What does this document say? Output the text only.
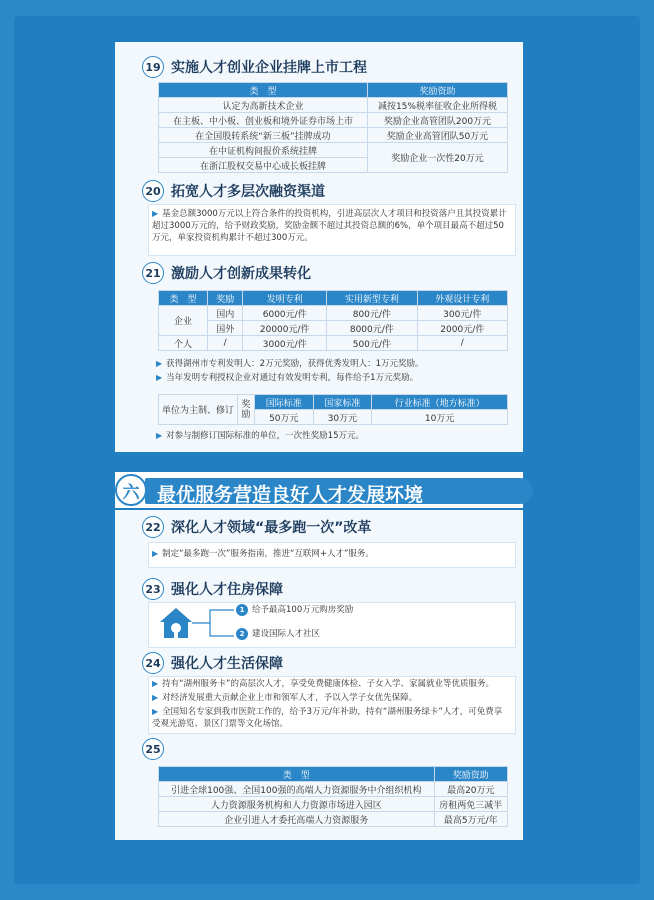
19 实施人才创业企业挂牌上市工程
类　型	奖励资助
认定为高新技术企业	减按15%税率征收企业所得税
在主板、中小板、创业板和境外证券市场上市	奖励企业高管团队200万元
在全国股转系统“新三板”挂牌成功	奖励企业高管团队50万元
在中证机构间报价系统挂牌	奖励企业一次性20万元
在浙江股权交易中心成长板挂牌	
20 拓宽人才多层次融资渠道
▶ 基金总额3000万元以上符合条件的投资机构，引进高层次人才项目和投资落户且其投资累计超过3000万元的，给予财政奖励，奖励金额不超过其投资总额的6%，单个项目最高不超过50万元，单家投资机构累计不超过300万元。
21 激励人才创新成果转化
类　型	奖励	发明专利	实用新型专利	外观设计专利
企业	国内	6000元/件	800元/件	300元/件
	国外	20000元/件	8000元/件	2000元/件
个人	/	3000元/件	500元/件	/
▶ 获得湖州市专利发明人：2万元奖励，获得优秀发明人：1万元奖励。
▶ 当年发明专利授权企业对通过有效发明专利，每件给予1万元奖励。
单位为主制、修订	奖励	国际标准	国家标准	行业标准（地方标准）
		50万元	30万元	10万元
▶ 对参与制修订国际标准的单位，一次性奖励15万元。
六 最优服务营造良好人才发展环境
22 深化人才领域“最多跑一次”改革
▶ 制定“最多跑一次”服务指南，推进“互联网+人才”服务。
23 强化人才住房保障
1 给予最高100万元购房奖励
2 建设国际人才社区
24 强化人才生活保障
▶ 持有“湖州服务卡”的高层次人才，享受免费健康体检、子女入学、家属就业等优质服务。
▶ 对经济发展重大贡献企业上市和领军人才，予以入学子女优先保障。
▶ 全国知名专家到我市医院工作的，给予3万元/年补助，持有“湖州服务绿卡”人才，可免费享受观光游览、景区门票等文化场馆。
25
类　型	奖励资助
引进全球100强、全国100强的高端人力资源服务中介组织机构	最高20万元
人力资源服务机构和人力资源市场进入园区	房租两免三减半
企业引进人才委托高端人力资源服务	最高5万元/年
